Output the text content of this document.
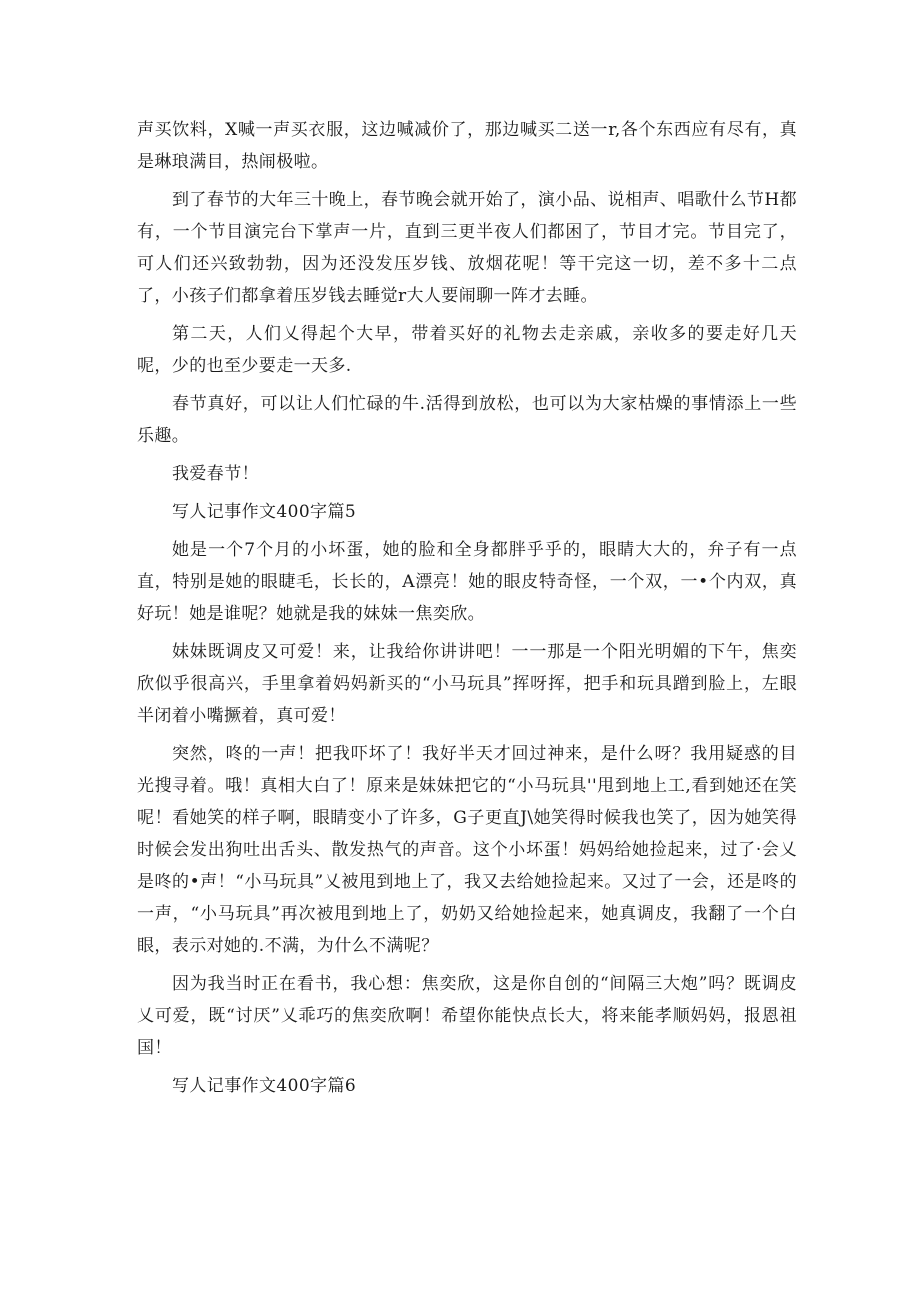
声买饮料，X喊一声买衣服，这边喊减价了，那边喊买二送一r,各个东西应有尽有，真是琳琅满目，热闹极啦。

到了春节的大年三十晚上，春节晚会就开始了，演小品、说相声、唱歌什么节H都有，一个节目演完台下掌声一片，直到三更半夜人们都困了，节目才完。节目完了，可人们还兴致勃勃，因为还没发压岁钱、放烟花呢！等干完这一切，差不多十二点了，小孩子们都拿着压岁钱去睡觉r大人要闹聊一阵才去睡。

第二天，人们乂得起个大早，带着买好的礼物去走亲戚，亲收多的要走好几天呢，少的也至少要走一天多.

春节真好，可以让人们忙碌的牛.活得到放松，也可以为大家枯燥的事情添上一些乐趣。

我爱春节！

写人记事作文400字篇5

她是一个7个月的小坏蛋，她的脸和全身都胖乎乎的，眼睛大大的，弁子有一点直，特别是她的眼睫毛，长长的，A漂亮！她的眼皮特奇怪，一个双，一•个内双，真好玩！她是谁呢？她就是我的妹妹一焦奕欣。

妹妹既调皮又可爱！来，让我给你讲讲吧！一一那是一个阳光明媚的下午，焦奕欣似乎很高兴，手里拿着妈妈新买的“小马玩具”挥呀挥，把手和玩具蹭到脸上，左眼半闭着小嘴撅着，真可爱！

突然，咚的一声！把我吓坏了！我好半天才回过神来，是什么呀？我用疑惑的目光搜寻着。哦！真相大白了！原来是妹妹把它的“小马玩具''甩到地上工,看到她还在笑呢！看她笑的样子啊，眼睛变小了许多，G子更直J\她笑得时候我也笑了，因为她笑得时候会发出狗吐出舌头、散发热气的声音。这个小坏蛋！妈妈给她捡起来，过了·会乂是咚的•声！“小马玩具”乂被甩到地上了，我又去给她捡起来。又过了一会，还是咚的一声，“小马玩具”再次被甩到地上了，奶奶又给她捡起来，她真调皮，我翻了一个白眼，表示对她的.不满，为什么不满呢？

因为我当时正在看书，我心想：焦奕欣，这是你自创的“间隔三大炮”吗？既调皮乂可爱，既“讨厌”乂乖巧的焦奕欣啊！希望你能快点长大，将来能孝顺妈妈，报恩祖国！

写人记事作文400字篇6
